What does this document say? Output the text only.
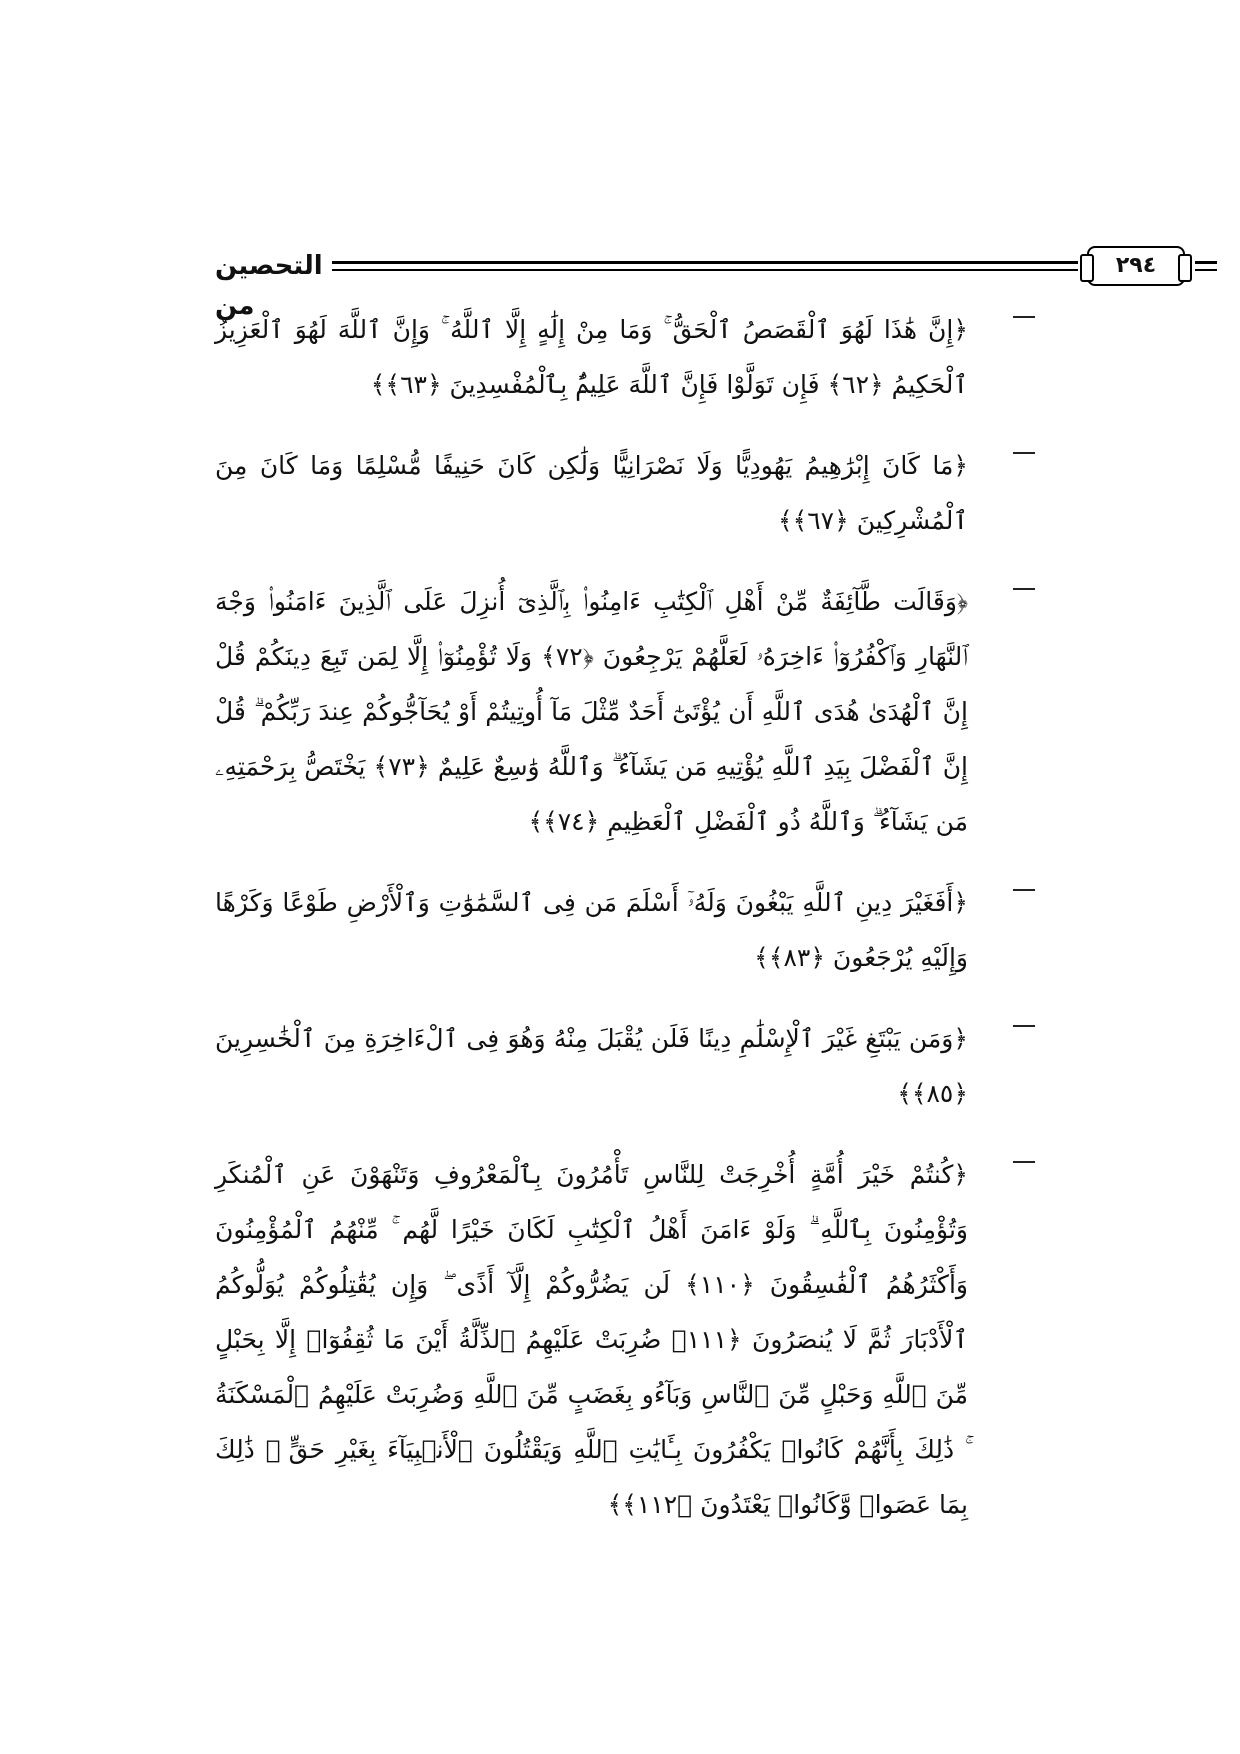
التحصين من
٢٩٤

﴿إِنَّ هَٰذَا لَهُوَ ٱلْقَصَصُ ٱلْحَقُّ ۚ وَمَا مِنْ إِلَٰهٍ إِلَّا ٱللَّهُ ۚ وَإِنَّ ٱللَّهَ لَهُوَ ٱلْعَزِيزُ ٱلْحَكِيمُ ﴿٦٢﴾ فَإِن تَوَلَّوْا فَإِنَّ ٱللَّهَ عَلِيمٌۢ بِٱلْمُفْسِدِينَ ﴿٦٣﴾﴾

﴿مَا كَانَ إِبْرَٰهِيمُ يَهُودِيًّا وَلَا نَصْرَانِيًّا وَلَٰكِن كَانَ حَنِيفًا مُّسْلِمًا وَمَا كَانَ مِنَ ٱلْمُشْرِكِينَ ﴿٦٧﴾﴾

﴿وَقَالَت طَّآئِفَةٌ مِّنْ أَهْلِ ٱلْكِتَٰبِ ءَامِنُوا۟ بِٱلَّذِىٓ أُنزِلَ عَلَى ٱلَّذِينَ ءَامَنُوا۟ وَجْهَ ٱلنَّهَارِ وَٱكْفُرُوٓا۟ ءَاخِرَهُۥ لَعَلَّهُمْ يَرْجِعُونَ ﴿٧٢﴾ وَلَا تُؤْمِنُوٓا۟ إِلَّا لِمَن تَبِعَ دِينَكُمْ قُلْ إِنَّ ٱلْهُدَىٰ هُدَى ٱللَّهِ أَن يُؤْتَىٰٓ أَحَدٌ مِّثْلَ مَآ أُوتِيتُمْ أَوْ يُحَآجُّوكُمْ عِندَ رَبِّكُمْ ۗ قُلْ إِنَّ ٱلْفَضْلَ بِيَدِ ٱللَّهِ يُؤْتِيهِ مَن يَشَآءُ ۗ وَٱللَّهُ وَٰسِعٌ عَلِيمٌ ﴿٧٣﴾ يَخْتَصُّ بِرَحْمَتِهِۦ مَن يَشَآءُ ۗ وَٱللَّهُ ذُو ٱلْفَضْلِ ٱلْعَظِيمِ ﴿٧٤﴾﴾

﴿أَفَغَيْرَ دِينِ ٱللَّهِ يَبْغُونَ وَلَهُۥٓ أَسْلَمَ مَن فِى ٱلسَّمَٰوَٰتِ وَٱلْأَرْضِ طَوْعًا وَكَرْهًا وَإِلَيْهِ يُرْجَعُونَ ﴿٨٣﴾﴾

﴿وَمَن يَبْتَغِ غَيْرَ ٱلْإِسْلَٰمِ دِينًا فَلَن يُقْبَلَ مِنْهُ وَهُوَ فِى ٱلْءَاخِرَةِ مِنَ ٱلْخَٰسِرِينَ ﴿٨٥﴾﴾

﴿كُنتُمْ خَيْرَ أُمَّةٍ أُخْرِجَتْ لِلنَّاسِ تَأْمُرُونَ بِٱلْمَعْرُوفِ وَتَنْهَوْنَ عَنِ ٱلْمُنكَرِ وَتُؤْمِنُونَ بِٱللَّهِ ۗ وَلَوْ ءَامَنَ أَهْلُ ٱلْكِتَٰبِ لَكَانَ خَيْرًا لَّهُم ۚ مِّنْهُمُ ٱلْمُؤْمِنُونَ وَأَكْثَرُهُمُ ٱلْفَٰسِقُونَ ﴿١١٠﴾ لَن يَضُرُّوكُمْ إِلَّآ أَذًى ۖ وَإِن يُقَٰتِلُوكُمْ يُوَلُّوكُمُ ٱلْأَدْبَارَ ثُمَّ لَا يُنصَرُونَ ﴿١١١﴾ ضُرِبَتْ عَلَيْهِمُ ٱلذِّلَّةُ أَيْنَ مَا ثُقِفُوٓا۟ إِلَّا بِحَبْلٍ مِّنَ ٱللَّهِ وَحَبْلٍ مِّنَ ٱلنَّاسِ وَبَآءُو بِغَضَبٍ مِّنَ ٱللَّهِ وَضُرِبَتْ عَلَيْهِمُ ٱلْمَسْكَنَةُ ۚ ذَٰلِكَ بِأَنَّهُمْ كَانُوا۟ يَكْفُرُونَ بِـَٔايَٰتِ ٱللَّهِ وَيَقْتُلُونَ ٱلْأَنۢبِيَآءَ بِغَيْرِ حَقٍّ ۚ ذَٰلِكَ بِمَا عَصَوا۟ وَّكَانُوا۟ يَعْتَدُونَ ﴿١١٢﴾﴾
